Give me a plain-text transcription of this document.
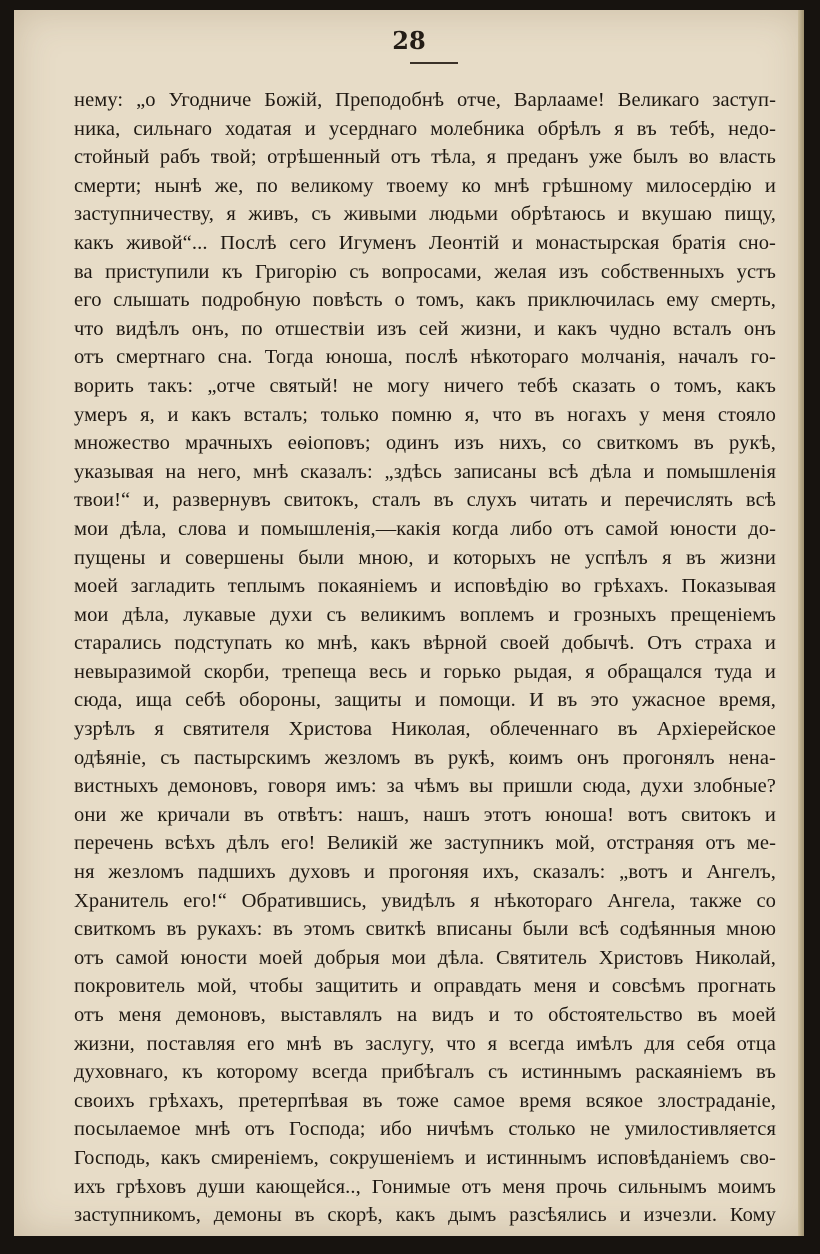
28
нему: „о Угодниче Божій, Преподобнѣ отче, Варлааме! Великаго заступ-
ника, сильнаго ходатая и усерднаго молебника обрѣлъ я въ тебѣ, недо-
стойный рабъ твой; отрѣшенный отъ тѣла, я преданъ уже былъ во власть
смерти; нынѣ же, по великому твоему ко мнѣ грѣшному милосердію и
заступничеству, я живъ, съ живыми людьми обрѣтаюсь и вкушаю пищу,
какъ живой“... Послѣ сего Игуменъ Леонтій и монастырская братія сно-
ва приступили къ Григорію съ вопросами, желая изъ собственныхъ устъ
его слышать подробную повѣсть о томъ, какъ приключилась ему смерть,
что видѣлъ онъ, по отшествіи изъ сей жизни, и какъ чудно всталъ онъ
отъ смертнаго сна. Тогда юноша, послѣ нѣкотораго молчанія, началъ го-
ворить такъ: „отче святый! не могу ничего тебѣ сказать о томъ, какъ
умеръ я, и какъ всталъ; только помню я, что въ ногахъ у меня стояло
множество мрачныхъ еѳіоповъ; одинъ изъ нихъ, со свиткомъ въ рукѣ,
указывая на него, мнѣ сказалъ: „здѣсь записаны всѣ дѣла и помышленія
твои!“ и, развернувъ свитокъ, сталъ въ слухъ читать и перечислять всѣ
мои дѣла, слова и помышленія,—какія когда либо отъ самой юности до-
пущены и совершены были мною, и которыхъ не успѣлъ я въ жизни
моей загладить теплымъ покаяніемъ и исповѣдію во грѣхахъ. Показывая
мои дѣла, лукавые духи съ великимъ воплемъ и грозныхъ прещеніемъ
старались подступать ко мнѣ, какъ вѣрной своей добычѣ. Отъ страха и
невыразимой скорби, трепеща весь и горько рыдая, я обращался туда и
сюда, ища себѣ обороны, защиты и помощи. И въ это ужасное время,
узрѣлъ я святителя Христова Николая, облеченнаго въ Архіерейское
одѣяніе, съ пастырскимъ жезломъ въ рукѣ, коимъ онъ прогонялъ нена-
вистныхъ демоновъ, говоря имъ: за чѣмъ вы пришли сюда, духи злобные?
они же кричали въ отвѣтъ: нашъ, нашъ этотъ юноша! вотъ свитокъ и
перечень всѣхъ дѣлъ его! Великій же заступникъ мой, отстраняя отъ ме-
ня жезломъ падшихъ духовъ и прогоняя ихъ, сказалъ: „вотъ и Ангелъ,
Хранитель его!“ Обратившись, увидѣлъ я нѣкотораго Ангела, также со
свиткомъ въ рукахъ: въ этомъ свиткѣ вписаны были всѣ содѣянныя мною
отъ самой юности моей добрыя мои дѣла. Святитель Христовъ Николай,
покровитель мой, чтобы защитить и оправдать меня и совсѣмъ прогнать
отъ меня демоновъ, выставлялъ на видъ и то обстоятельство въ моей
жизни, поставляя его мнѣ въ заслугу, что я всегда имѣлъ для себя отца
духовнаго, къ которому всегда прибѣгалъ съ истиннымъ раскаяніемъ въ
своихъ грѣхахъ, претерпѣвая въ тоже самое время всякое злостраданіе,
посылаемое мнѣ отъ Господа; ибо ничѣмъ столько не умилостивляется
Господь, какъ смиреніемъ, сокрушеніемъ и истиннымъ исповѣданіемъ сво-
ихъ грѣховъ души кающейся.., Гонимые отъ меня прочь сильнымъ моимъ
заступникомъ, демоны въ скорѣ, какъ дымъ разсѣялись и изчезли. Кому
